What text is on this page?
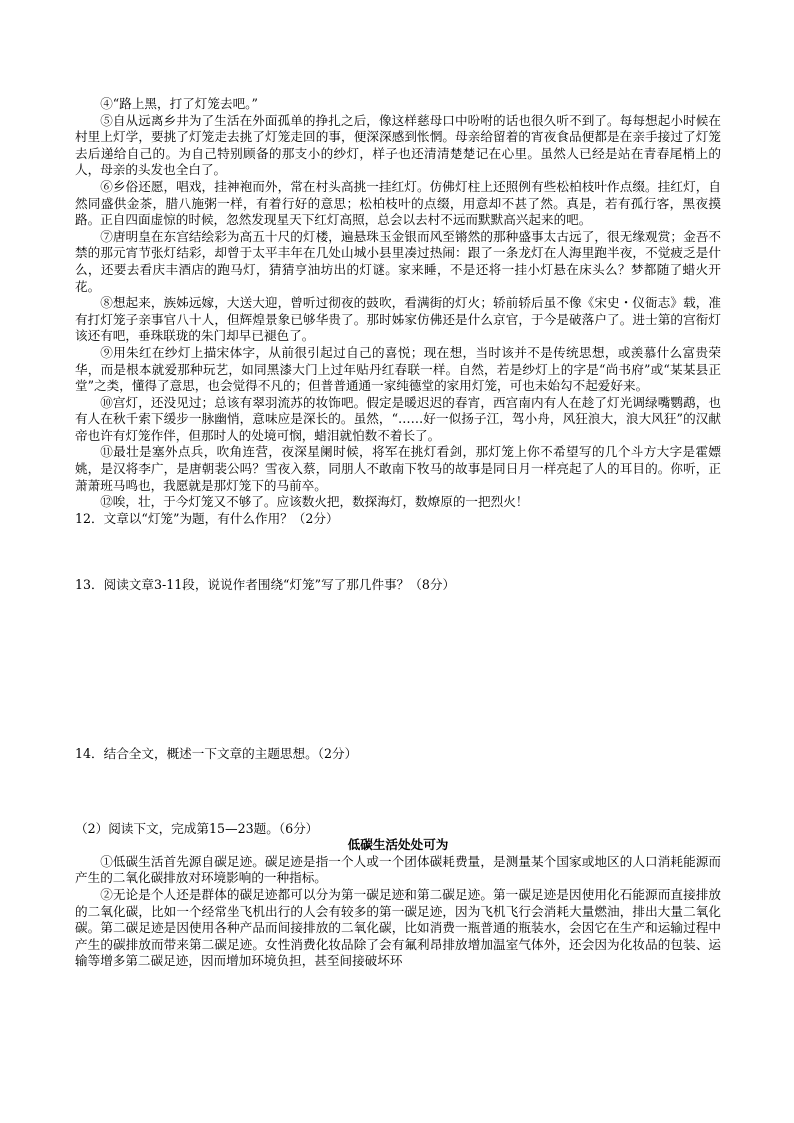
④“路上黑，打了灯笼去吧。”

⑤自从远离乡井为了生活在外面孤单的挣扎之后，像这样慈母口中吩咐的话也很久听不到了。每每想起小时候在村里上灯学，要挑了灯笼走去挑了灯笼走回的事，便深深感到怅惘。母亲给留着的宵夜食品便都是在亲手接过了灯笼去后递给自己的。为自己特别顾备的那支小的纱灯，样子也还清清楚楚记在心里。虽然人已经是站在青春尾梢上的人，母亲的头发也全白了。

⑥乡俗还愿，唱戏，挂神袍而外，常在村头高挑一挂红灯。仿佛灯柱上还照例有些松柏枝叶作点缀。挂红灯，自然同盛供金茶，腊八施粥一样，有着行好的意思；松柏枝叶的点缀，用意却不甚了然。真是，若有孤行客，黑夜摸路。正自四面虚惊的时候，忽然发现星天下红灯高照，总会以去村不远而默默高兴起来的吧。

⑦唐明皇在东宫结绘彩为高五十尺的灯楼，遍悬珠玉金银而风至锵然的那种盛事太古远了，很无缘观赏；金吾不禁的那元宵节张灯结彩，却曾于太平丰年在几处山城小县里凑过热闹：跟了一条龙灯在人海里跑半夜，不觉疲乏是什么，还要去看庆丰酒店的跑马灯，猜猜亨油坊出的灯谜。家来睡，不是还将一挂小灯悬在床头么？梦都随了蜡火开花。

⑧想起来，族姊远嫁，大送大迎，曾听过彻夜的鼓吹，看满街的灯火；轿前轿后虽不像《宋史・仪衙志》载，准有打灯笼子亲事官八十人，但辉煌景象已够华贵了。那时姊家仿佛还是什么京官，于今是破落户了。进士第的宫衔灯该还有吧，垂珠联珑的朱门却早已褪色了。

⑨用朱红在纱灯上描宋体字，从前很引起过自己的喜悦；现在想，当时该并不是传统思想，或羡慕什么富贵荣华，而是根本就爱那种玩艺，如同黑漆大门上过年贴丹红春联一样。自然，若是纱灯上的字是“尚书府”或“某某县正堂”之类，懂得了意思，也会觉得不凡的；但普普通通一家纯德堂的家用灯笼，可也未始勾不起爱好来。

⑩宫灯，还没见过；总该有翠羽流苏的妆饰吧。假定是暖迟迟的春宵，西宫南内有人在趁了灯光调绿嘴鹦鹉，也有人在秋千索下缓步一脉幽悄，意味应是深长的。虽然，“……好一似扬子江，驾小舟，风狂浪大，浪大风狂”的汉献帝也许有灯笼作伴，但那时人的处境可悯，蜡泪就怕数不着长了。

⑪最壮是塞外点兵，吹角连营，夜深星阑时候，将军在挑灯看剑，那灯笼上你不希望写的几个斗方大字是霍嫖姚，是汉将李广，是唐朝裴公吗？雪夜入蔡，同朋人不敢南下牧马的故事是同日月一样亮起了人的耳目的。你听，正萧萧班马鸣也，我愿就是那灯笼下的马前卒。

⑫唉，壮，于今灯笼又不够了。应该数火把，数探海灯，数燎原的一把烈火！

12．文章以“灯笼”为题，有什么作用？（2分）

13．阅读文章3-11段，说说作者围绕“灯笼”写了那几件事？（8分）

14．结合全文，概述一下文章的主题思想。（2分）

（2）阅读下文，完成第15—23题。（6分）

低碳生活处处可为

①低碳生活首先源自碳足迹。碳足迹是指一个人或一个团体碳耗费量，是测量某个国家或地区的人口消耗能源而产生的二氧化碳排放对环境影响的一种指标。

②无论是个人还是群体的碳足迹都可以分为第一碳足迹和第二碳足迹。第一碳足迹是因使用化石能源而直接排放的二氧化碳，比如一个经常坐飞机出行的人会有较多的第一碳足迹，因为飞机飞行会消耗大量燃油，排出大量二氧化碳。第二碳足迹是因使用各种产品而间接排放的二氧化碳，比如消费一瓶普通的瓶装水，会因它在生产和运输过程中产生的碳排放而带来第二碳足迹。女性消费化妆品除了会有氟利昂排放增加温室气体外，还会因为化妆品的包装、运输等增多第二碳足迹，因而增加环境负担，甚至间接破坏环
